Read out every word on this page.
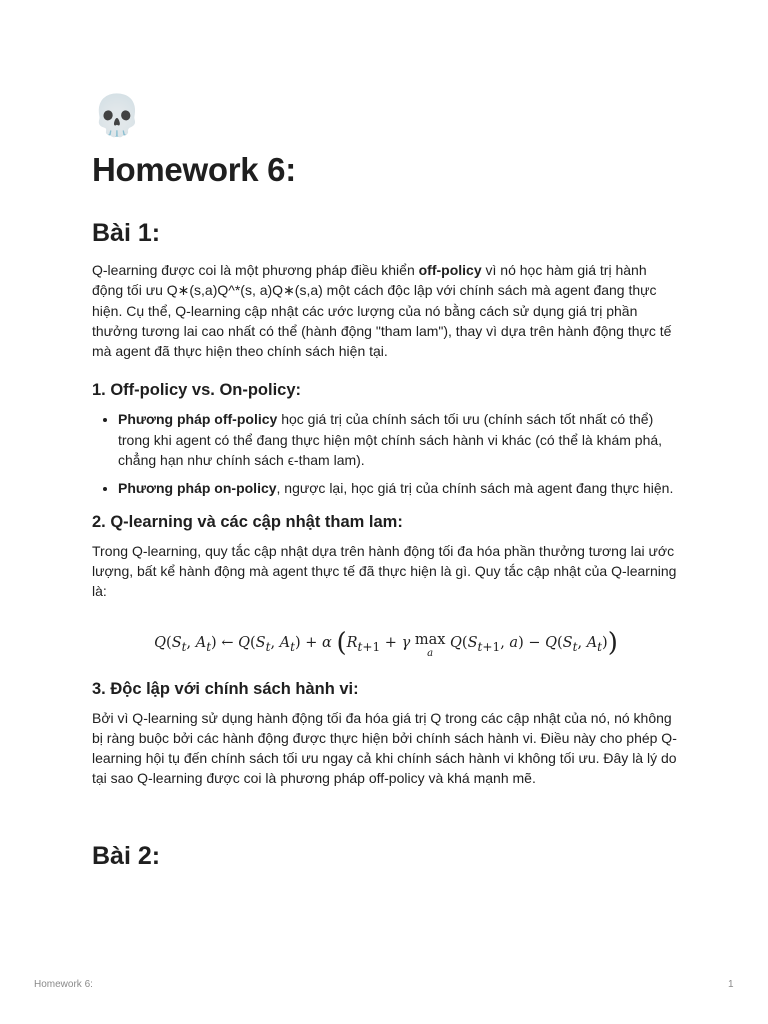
💀
Homework 6:
Bài 1:

Q-learning được coi là một phương pháp điều khiển off-policy vì nó học hàm giá trị hành động tối ưu Q∗(s,a)Q^*(s, a)Q∗(s,a) một cách độc lập với chính sách mà agent đang thực hiện. Cụ thể, Q-learning cập nhật các ước lượng của nó bằng cách sử dụng giá trị phần thưởng tương lai cao nhất có thể (hành động "tham lam"), thay vì dựa trên hành động thực tế mà agent đã thực hiện theo chính sách hiện tại.

1. Off-policy vs. On-policy:
• Phương pháp off-policy học giá trị của chính sách tối ưu (chính sách tốt nhất có thể) trong khi agent có thể đang thực hiện một chính sách hành vi khác (có thể là khám phá, chẳng hạn như chính sách ϵ-tham lam).
• Phương pháp on-policy, ngược lại, học giá trị của chính sách mà agent đang thực hiện.
2. Q-learning và các cập nhật tham lam:

Trong Q-learning, quy tắc cập nhật dựa trên hành động tối đa hóa phần thưởng tương lai ước lượng, bất kể hành động mà agent thực tế đã thực hiện là gì. Quy tắc cập nhật của Q-learning là:

$Q(S_t$, $A_t$) ← $Q(S_t$, $A_t) + \alpha$ ($R_{t+1} + \gamma$ max
a
$Q(S_{t+1}$, $a) - Q(S_t$, $A_t$))
3. Độc lập với chính sách hành vi:

Bởi vì Q-learning sử dụng hành động tối đa hóa giá trị Q trong các cập nhật của nó, nó không bị ràng buộc bởi các hành động được thực hiện bởi chính sách hành vi. Điều này cho phép Q-learning hội tụ đến chính sách tối ưu ngay cả khi chính sách hành vi không tối ưu. Đây là lý do tại sao Q-learning được coi là phương pháp off-policy và khá mạnh mẽ.

Bài 2:
Homework 6:	1
